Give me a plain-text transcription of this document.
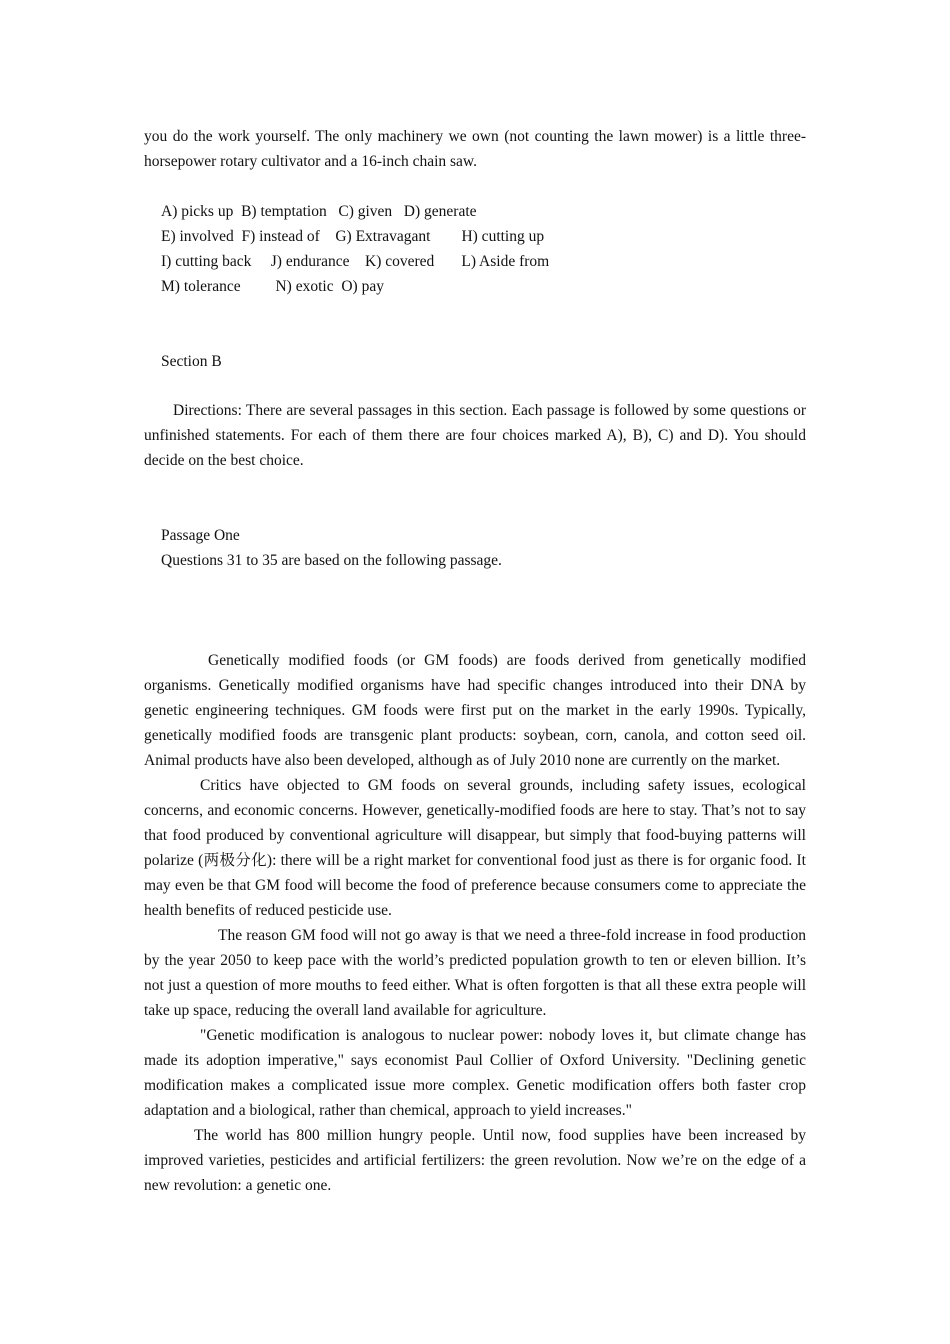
you do the work yourself. The only machinery we own (not counting the lawn mower) is a little three-horsepower rotary cultivator and a 16-inch chain saw.

A) picks up  B) temptation   C) given   D) generate
E) involved  F) instead of    G) Extravagant        H) cutting up
I) cutting back     J) endurance    K) covered       L) Aside from
M) tolerance         N) exotic  O) pay
Section B

Directions: There are several passages in this section. Each passage is followed by some questions or unfinished statements. For each of them there are four choices marked A), B), C) and D). You should decide on the best choice.

Passage One
Questions 31 to 35 are based on the following passage.

Genetically modified foods (or GM foods) are foods derived from genetically modified organisms. Genetically modified organisms have had specific changes introduced into their DNA by genetic engineering techniques. GM foods were first put on the market in the early 1990s. Typically, genetically modified foods are transgenic plant products: soybean, corn, canola, and cotton seed oil. Animal products have also been developed, although as of July 2010 none are currently on the market.

Critics have objected to GM foods on several grounds, including safety issues, ecological concerns, and economic concerns. However, genetically-modified foods are here to stay. That’s not to say that food produced by conventional agriculture will disappear, but simply that food-buying patterns will polarize (两极分化): there will be a right market for conventional food just as there is for organic food. It may even be that GM food will become the food of preference because consumers come to appreciate the health benefits of reduced pesticide use.

The reason GM food will not go away is that we need a three-fold increase in food production by the year 2050 to keep pace with the world’s predicted population growth to ten or eleven billion. It’s not just a question of more mouths to feed either. What is often forgotten is that all these extra people will take up space, reducing the overall land available for agriculture.

"Genetic modification is analogous to nuclear power: nobody loves it, but climate change has made its adoption imperative," says economist Paul Collier of Oxford University. "Declining genetic modification makes a complicated issue more complex. Genetic modification offers both faster crop adaptation and a biological, rather than chemical, approach to yield increases."

The world has 800 million hungry people. Until now, food supplies have been increased by improved varieties, pesticides and artificial fertilizers: the green revolution. Now we’re on the edge of a new revolution: a genetic one.
